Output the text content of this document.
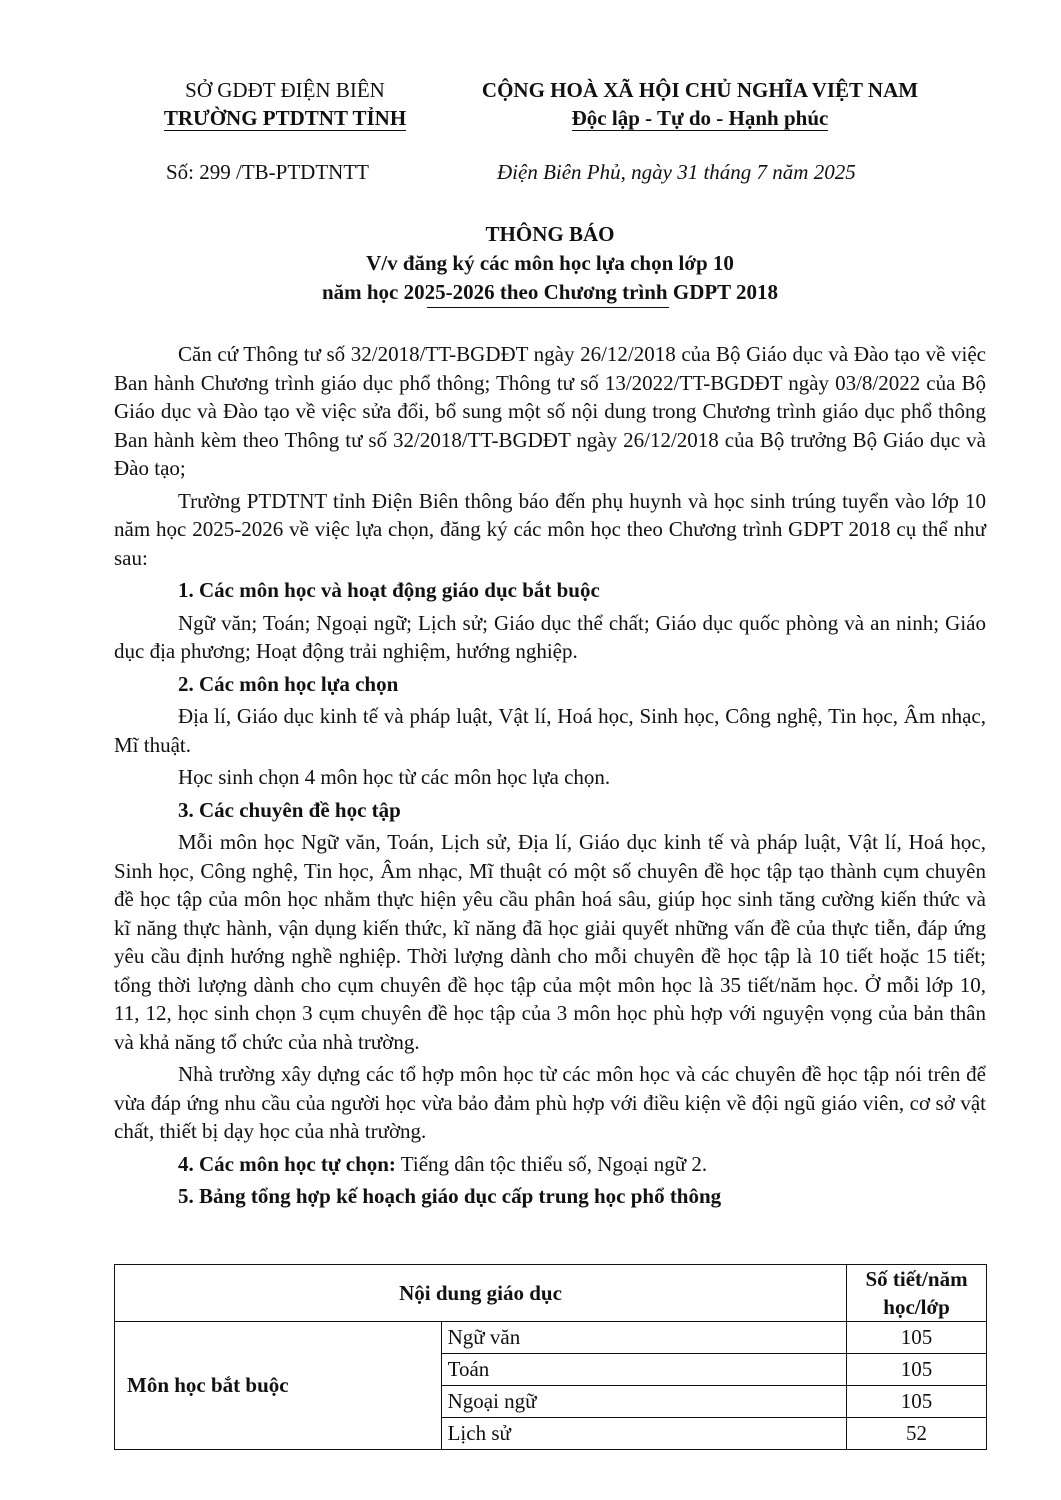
SỞ GDĐT ĐIỆN BIÊN
TRƯỜNG PTDTNT TỈNH
CỘNG HOÀ XÃ HỘI CHỦ NGHĨA VIỆT NAM
Độc lập - Tự do - Hạnh phúc
Số: 299 /TB-PTDTNTT	Điện Biên Phủ, ngày 31 tháng 7 năm 2025
THÔNG BÁO
V/v đăng ký các môn học lựa chọn lớp 10
năm học 2025-2026 theo Chương trình GDPT 2018

Căn cứ Thông tư số 32/2018/TT-BGDĐT ngày 26/12/2018 của Bộ Giáo dục và Đào tạo về việc Ban hành Chương trình giáo dục phổ thông; Thông tư số 13/2022/TT-BGDĐT ngày 03/8/2022 của Bộ Giáo dục và Đào tạo về việc sửa đổi, bổ sung một số nội dung trong Chương trình giáo dục phổ thông Ban hành kèm theo Thông tư số 32/2018/TT-BGDĐT ngày 26/12/2018 của Bộ trưởng Bộ Giáo dục và Đào tạo;

Trường PTDTNT tỉnh Điện Biên thông báo đến phụ huynh và học sinh trúng tuyển vào lớp 10 năm học 2025-2026 về việc lựa chọn, đăng ký các môn học theo Chương trình GDPT 2018 cụ thể như sau:

1. Các môn học và hoạt động giáo dục bắt buộc

Ngữ văn; Toán; Ngoại ngữ; Lịch sử; Giáo dục thể chất; Giáo dục quốc phòng và an ninh; Giáo dục địa phương; Hoạt động trải nghiệm, hướng nghiệp.

2. Các môn học lựa chọn

Địa lí, Giáo dục kinh tế và pháp luật, Vật lí, Hoá học, Sinh học, Công nghệ, Tin học, Âm nhạc, Mĩ thuật.

Học sinh chọn 4 môn học từ các môn học lựa chọn.

3. Các chuyên đề học tập

Mỗi môn học Ngữ văn, Toán, Lịch sử, Địa lí, Giáo dục kinh tế và pháp luật, Vật lí, Hoá học, Sinh học, Công nghệ, Tin học, Âm nhạc, Mĩ thuật có một số chuyên đề học tập tạo thành cụm chuyên đề học tập của môn học nhằm thực hiện yêu cầu phân hoá sâu, giúp học sinh tăng cường kiến thức và kĩ năng thực hành, vận dụng kiến thức, kĩ năng đã học giải quyết những vấn đề của thực tiễn, đáp ứng yêu cầu định hướng nghề nghiệp. Thời lượng dành cho mỗi chuyên đề học tập là 10 tiết hoặc 15 tiết; tổng thời lượng dành cho cụm chuyên đề học tập của một môn học là 35 tiết/năm học. Ở mỗi lớp 10, 11, 12, học sinh chọn 3 cụm chuyên đề học tập của 3 môn học phù hợp với nguyện vọng của bản thân và khả năng tổ chức của nhà trường.

Nhà trường xây dựng các tổ hợp môn học từ các môn học và các chuyên đề học tập nói trên để vừa đáp ứng nhu cầu của người học vừa bảo đảm phù hợp với điều kiện về đội ngũ giáo viên, cơ sở vật chất, thiết bị dạy học của nhà trường.

4. Các môn học tự chọn: Tiếng dân tộc thiểu số, Ngoại ngữ 2.

5. Bảng tổng hợp kế hoạch giáo dục cấp trung học phổ thông

Nội dung giáo dục		Số tiết/năm học/lớp
Môn học bắt buộc	Ngữ văn	105
	Toán	105
	Ngoại ngữ	105
	Lịch sử	52
